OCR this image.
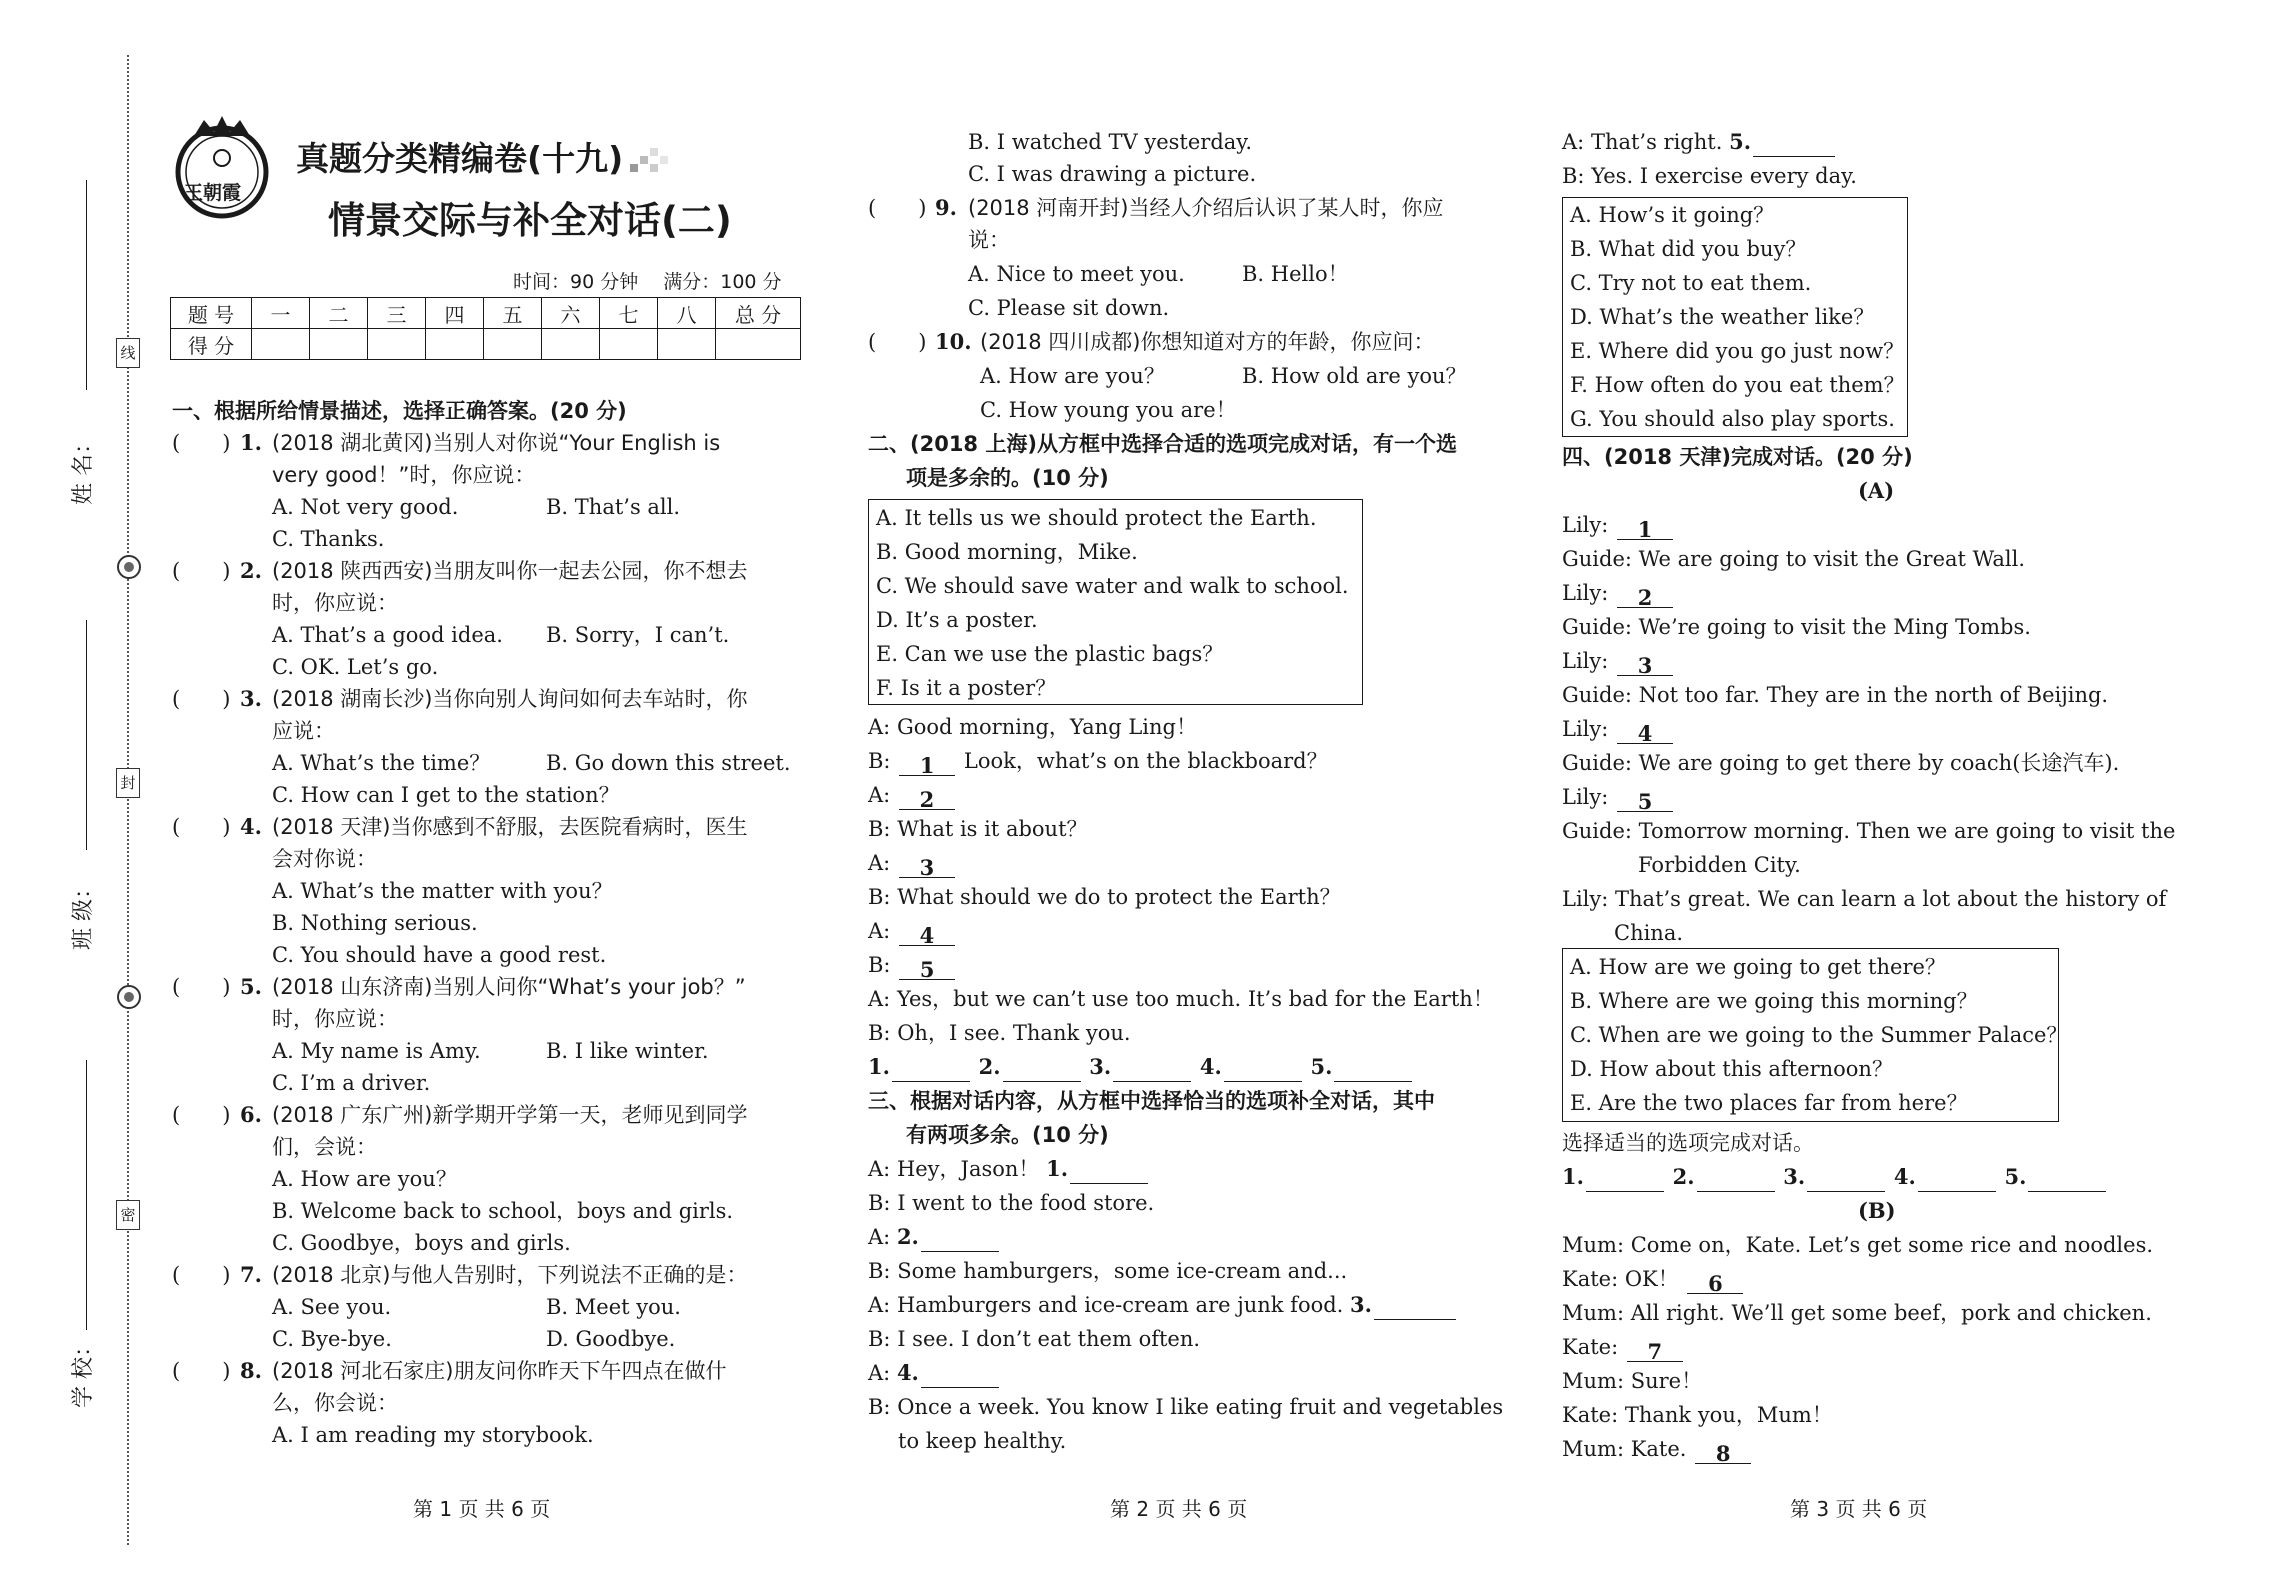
姓 名：
班 级：
学 校：
线
封
密
王朝霞
真题分类精编卷(十九)
情景交际与补全对话(二)
时间：90 分钟　 满分：100 分
题 号	一	二	三	四	五	六	七	八	总 分
得 分									
一、根据所给情景描述，选择正确答案。(20 分)
(　　) 1. (2018 湖北黄冈)当别人对你说“Your English is
very good！”时，你应说：
A. Not very good.	B. That’s all.
C. Thanks.
(　　) 2. (2018 陕西西安)当朋友叫你一起去公园，你不想去
时，你应说：
A. That’s a good idea. B. Sorry，I can’t.
C. OK. Let’s go.
(　　) 3. (2018 湖南长沙)当你向别人询问如何去车站时，你
应说：
A. What’s the time？	B. Go down this street.
C. How can I get to the station？
(　　) 4. (2018 天津)当你感到不舒服，去医院看病时，医生
会对你说：
A. What’s the matter with you？
B. Nothing serious.
C. You should have a good rest.
(　　) 5. (2018 山东济南)当别人问你“What’s your job？”
时，你应说：
A. My name is Amy.	B. I like winter.
C. I’m a driver.
(　　) 6. (2018 广东广州)新学期开学第一天，老师见到同学
们，会说：
A. How are you？
B. Welcome back to school，boys and girls.
C. Goodbye，boys and girls.
(　　) 7. (2018 北京)与他人告别时，下列说法不正确的是：
A. See you.	B. Meet you.
C. Bye-bye.	D. Goodbye.
(　　) 8. (2018 河北石家庄)朋友问你昨天下午四点在做什
么，你会说：
A. I am reading my storybook.
第 1 页 共 6 页
B. I watched TV yesterday.
C. I was drawing a picture.
(　　) 9. (2018 河南开封)当经人介绍后认识了某人时，你应
说：
A. Nice to meet you.	B. Hello！
C. Please sit down.
(　　) 10. (2018 四川成都)你想知道对方的年龄，你应问：
A. How are you？	B. How old are you？
C. How young you are！
二、(2018 上海)从方框中选择合适的选项完成对话，有一个选
项是多余的。(10 分)
A. It tells us we should protect the Earth.
B. Good morning，Mike.
C. We should save water and walk to school.
D. It’s a poster.
E. Can we use the plastic bags？
F. Is it a poster？
A: Good morning，Yang Ling！
B: 1 Look，what’s on the blackboard？
A: 2
B: What is it about？
A: 3
B: What should we do to protect the Earth？
A: 4
B: 5
A: Yes，but we can’t use too much. It’s bad for the Earth！
B: Oh，I see. Thank you.
1.	2.	3.	4.	5.
三、根据对话内容，从方框中选择恰当的选项补全对话，其中
有两项多余。(10 分)
A: Hey，Jason！ 1.
B: I went to the food store.
A: 2.
B: Some hamburgers，some ice-cream and...
A: Hamburgers and ice-cream are junk food. 3.
B: I see. I don’t eat them often.
A: 4.
B: Once a week. You know I like eating fruit and vegetables
to keep healthy.
第 2 页 共 6 页
A: That’s right. 5.
B: Yes. I exercise every day.
A. How’s it going？
B. What did you buy？
C. Try not to eat them.
D. What’s the weather like？
E. Where did you go just now？
F. How often do you eat them？
G. You should also play sports.
四、(2018 天津)完成对话。(20 分)
(A)
Lily: 1
Guide: We are going to visit the Great Wall.
Lily: 2
Guide: We’re going to visit the Ming Tombs.
Lily: 3
Guide: Not too far. They are in the north of Beijing.
Lily: 4
Guide: We are going to get there by coach(长途汽车).
Lily: 5
Guide: Tomorrow morning. Then we are going to visit the
Forbidden City.
Lily: That’s great. We can learn a lot about the history of
China.
A. How are we going to get there？
B. Where are we going this morning？
C. When are we going to the Summer Palace？
D. How about this afternoon？
E. Are the two places far from here？
选择适当的选项完成对话。
1.	2.	3.	4.	5.
(B)
Mum: Come on，Kate. Let’s get some rice and noodles.
Kate: OK！ 6
Mum: All right. We’ll get some beef，pork and chicken.
Kate: 7
Mum: Sure！
Kate: Thank you，Mum！
Mum: Kate. 8
第 3 页 共 6 页
